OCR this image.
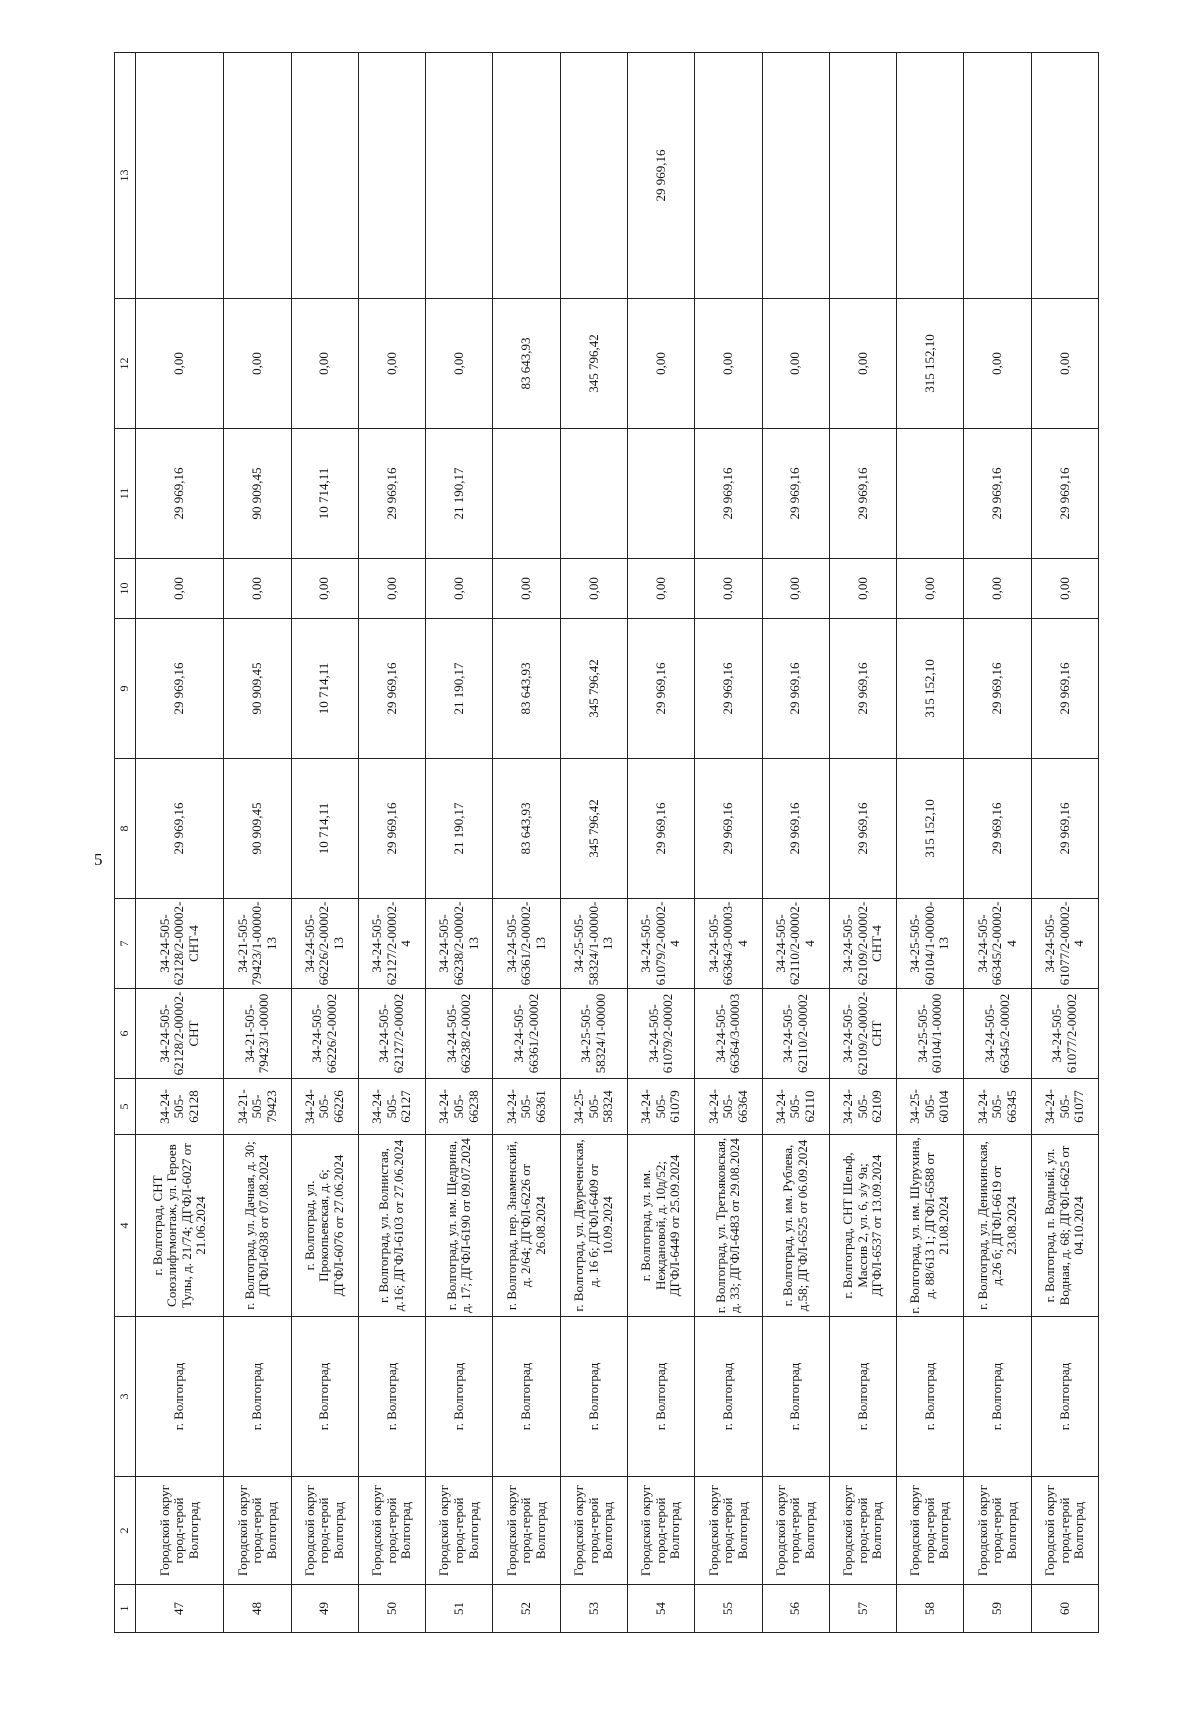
5
1	2	3	4	5	6	7	8	9	10	11	12	13
47	Городской округ город-герой Волгоград	г. Волгоград	г. Волгоград, СНТ Союзлифтмонтаж, ул. Героев Тулы, д. 21/74; ДГФЛ-6027 от 21.06.2024	34-24-505-62128	34-24-505-62128/2-00002-СНТ	34-24-505-62128/2-00002-СНТ-4	29 969,16	29 969,16	0,00	29 969,16	0,00	
48	Городской округ город-герой Волгоград	г. Волгоград	г. Волгоград, ул. Дачная, д. 30; ДГФЛ-6038 от 07.08.2024	34-21-505-79423	34-21-505-79423/1-00000	34-21-505-79423/1-00000-13	90 909,45	90 909,45	0,00	90 909,45	0,00	
49	Городской округ город-герой Волгоград	г. Волгоград	г. Волгоград, ул. Прокопьевская, д. 6; ДГФЛ-6076 от 27.06.2024	34-24-505-66226	34-24-505-66226/2-00002	34-24-505-66226/2-00002-13	10 714,11	10 714,11	0,00	10 714,11	0,00	
50	Городской округ город-герой Волгоград	г. Волгоград	г. Волгоград, ул. Волнистая, д.16; ДГФЛ-6103 от 27.06.2024	34-24-505-62127	34-24-505-62127/2-00002	34-24-505-62127/2-00002-4	29 969,16	29 969,16	0,00	29 969,16	0,00	
51	Городской округ город-герой Волгоград	г. Волгоград	г. Волгоград, ул. им. Щедрина, д. 17; ДГФЛ-6190 от 09.07.2024	34-24-505-66238	34-24-505-66238/2-00002	34-24-505-66238/2-00002-13	21 190,17	21 190,17	0,00	21 190,17	0,00	
52	Городской округ город-герой Волгоград	г. Волгоград	г. Волгоград, пер. Знаменский, д. 2/64; ДГФЛ-6226 от 26.08.2024	34-24-505-66361	34-24-505-66361/2-00002	34-24-505-66361/2-00002-13	83 643,93	83 643,93	0,00		83 643,93	
53	Городской округ город-герой Волгоград	г. Волгоград	г. Волгоград, ул. Двуреченская, д. 16 б; ДГФЛ-6409 от 10.09.2024	34-25-505-58324	34-25-505-58324/1-00000	34-25-505-58324/1-00000-13	345 796,42	345 796,42	0,00		345 796,42	
54	Городской округ город-герой Волгоград	г. Волгоград	г. Волгоград, ул. им. Неждановой, д. 10д/52; ДГФЛ-6449 от 25.09.2024	34-24-505-61079	34-24-505-61079/2-00002	34-24-505-61079/2-00002-4	29 969,16	29 969,16	0,00		0,00	29 969,16
55	Городской округ город-герой Волгоград	г. Волгоград	г. Волгоград, ул. Третьяковская, д. 33; ДГФЛ-6483 от 29.08.2024	34-24-505-66364	34-24-505-66364/3-00003	34-24-505-66364/3-00003-4	29 969,16	29 969,16	0,00	29 969,16	0,00	
56	Городской округ город-герой Волгоград	г. Волгоград	г. Волгоград, ул. им. Рублева, д.58; ДГФЛ-6525 от 06.09.2024	34-24-505-62110	34-24-505-62110/2-00002	34-24-505-62110/2-00002-4	29 969,16	29 969,16	0,00	29 969,16	0,00	
57	Городской округ город-герой Волгоград	г. Волгоград	г. Волгоград, СНТ Шельф, Массив 2, ул. 6, з/у 9а; ДГФЛ-6537 от 13.09.2024	34-24-505-62109	34-24-505-62109/2-00002-СНТ	34-24-505-62109/2-00002-СНТ-4	29 969,16	29 969,16	0,00	29 969,16	0,00	
58	Городской округ город-герой Волгоград	г. Волгоград	г. Волгоград, ул. им. Шурухина, д. 88/613 1; ДГФЛ-6588 от 21.08.2024	34-25-505-60104	34-25-505-60104/1-00000	34-25-505-60104/1-00000-13	315 152,10	315 152,10	0,00		315 152,10	
59	Городской округ город-герой Волгоград	г. Волгоград	г. Волгоград, ул. Деникинская, д.26 б; ДГФЛ-6619 от 23.08.2024	34-24-505-66345	34-24-505-66345/2-00002	34-24-505-66345/2-00002-4	29 969,16	29 969,16	0,00	29 969,16	0,00	
60	Городской округ город-герой Волгоград	г. Волгоград	г. Волгоград, п. Водный, ул. Водная, д. 68; ДГФЛ-6625 от 04.10.2024	34-24-505-61077	34-24-505-61077/2-00002	34-24-505-61077/2-00002-4	29 969,16	29 969,16	0,00	29 969,16	0,00	
